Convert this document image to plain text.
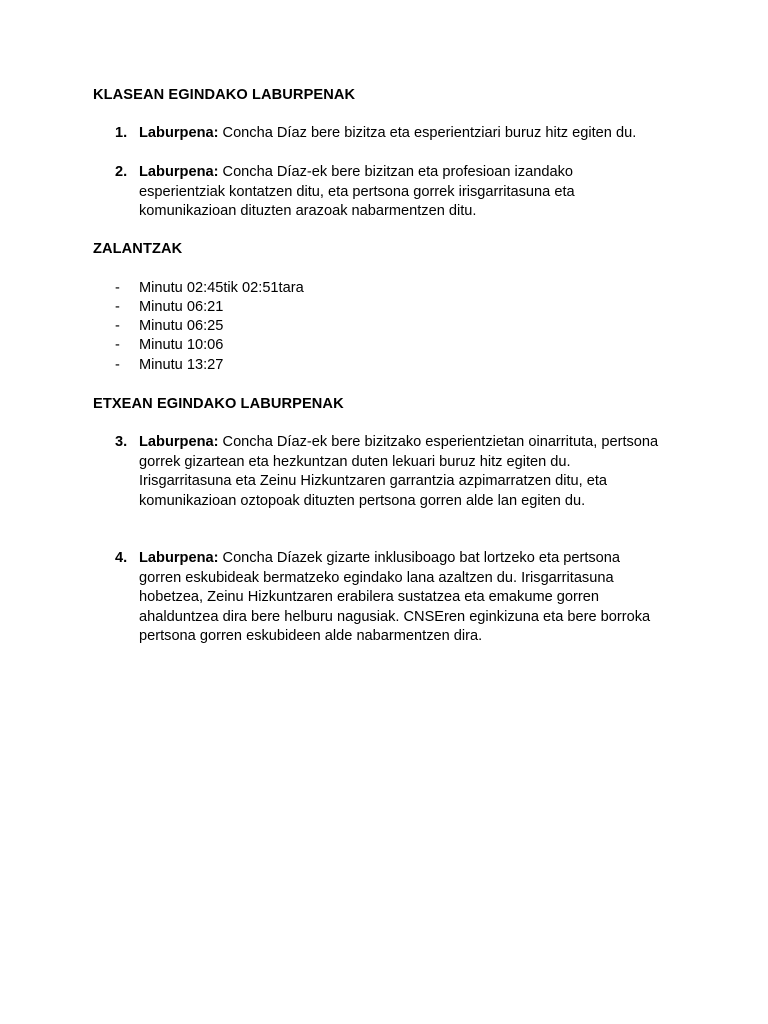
KLASEAN EGINDAKO LABURPENAK
1. Laburpena: Concha Díaz bere bizitza eta esperientziari buruz hitz egiten du.
2. Laburpena: Concha Díaz-ek bere bizitzan eta profesioan izandako esperientziak kontatzen ditu, eta pertsona gorrek irisgarritasuna eta komunikazioan dituzten arazoak nabarmentzen ditu.
ZALANTZAK
- Minutu 02:45tik 02:51tara
- Minutu 06:21
- Minutu 06:25
- Minutu 10:06
- Minutu 13:27
ETXEAN EGINDAKO LABURPENAK
3. Laburpena: Concha Díaz-ek bere bizitzako esperientzietan oinarrituta, pertsona gorrek gizartean eta hezkuntzan duten lekuari buruz hitz egiten du. Irisgarritasuna eta Zeinu Hizkuntzaren garrantzia azpimarratzen ditu, eta komunikazioan oztopoak dituzten pertsona gorren alde lan egiten du.
4. Laburpena: Concha Díazek gizarte inklusiboago bat lortzeko eta pertsona gorren eskubideak bermatzeko egindako lana azaltzen du. Irisgarritasuna hobetzea, Zeinu Hizkuntzaren erabilera sustatzea eta emakume gorren ahalduntzea dira bere helburu nagusiak. CNSEren eginkizuna eta bere borroka pertsona gorren eskubideen alde nabarmentzen dira.
